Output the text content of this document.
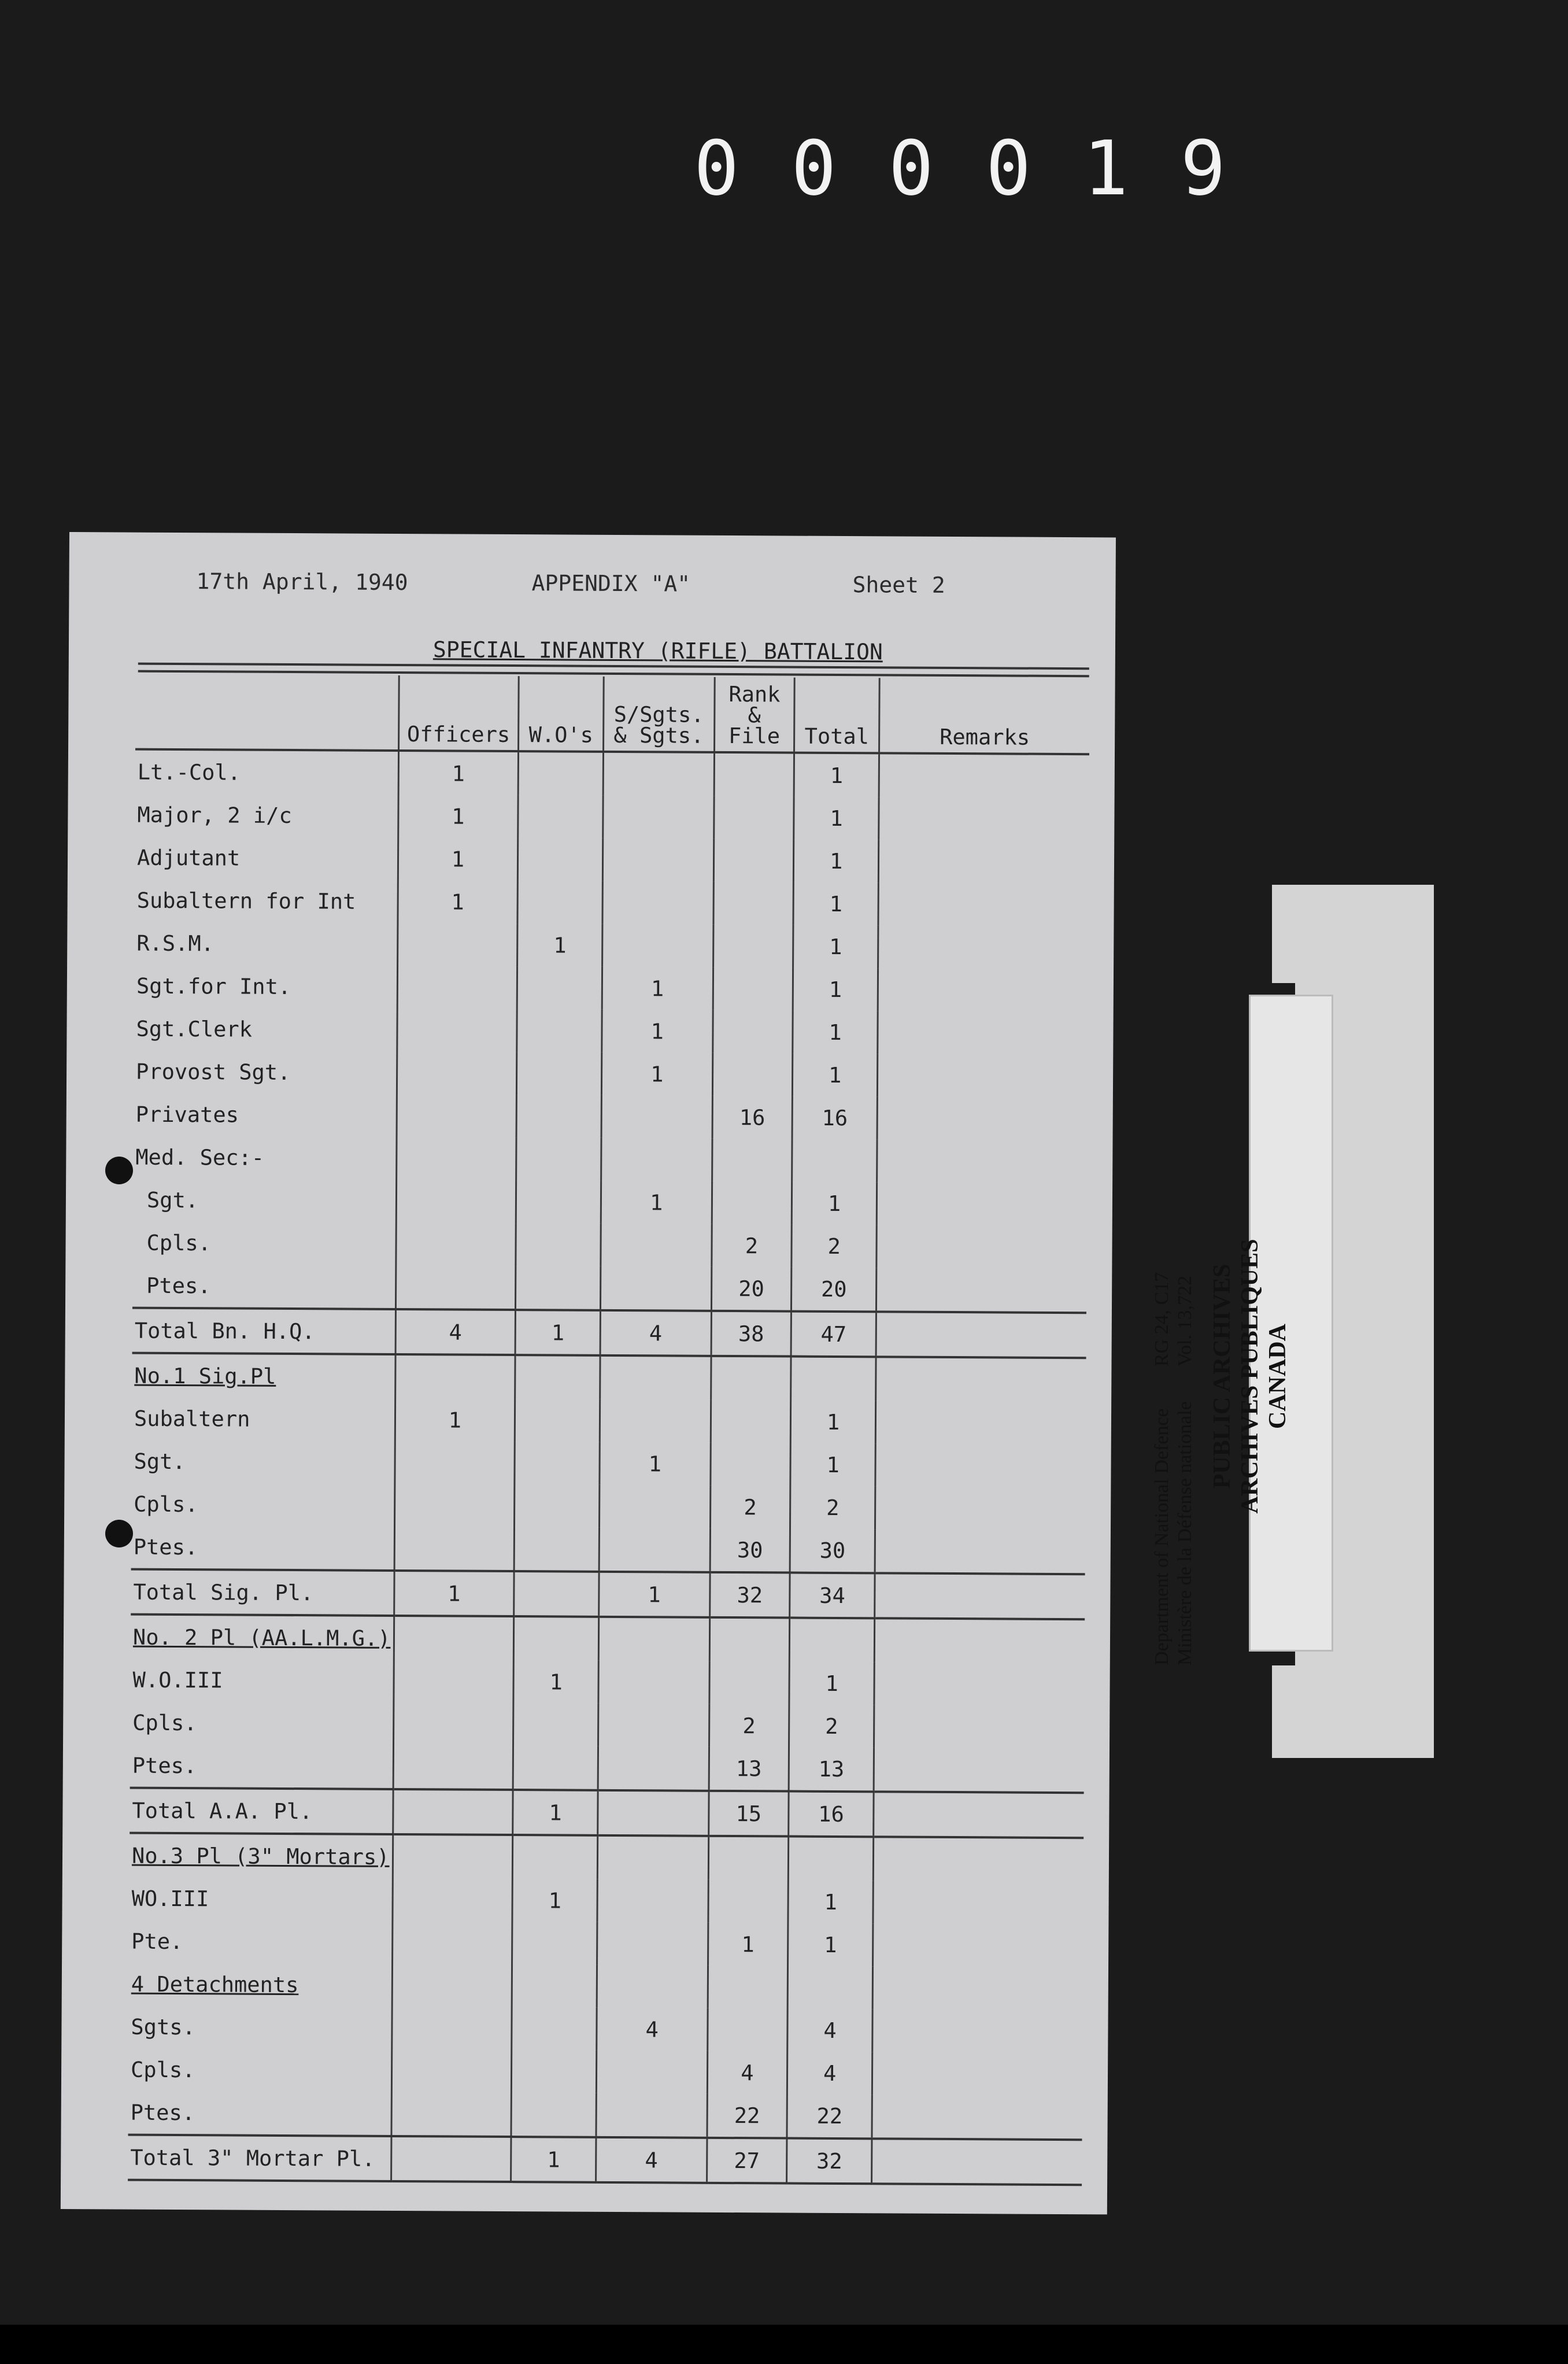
0 0 0 0 1 9
17th April, 1940	APPENDIX "A"	Sheet 2
SPECIAL INFANTRY (RIFLE) BATTALION
	Officers	W.O's	S/Sgts. & Sgts.	Rank & File	Total	Remarks
Lt.-Col.	1				1	
Major, 2 i/c	1				1	
Adjutant	1				1	
Subaltern for Int	1				1	
R.S.M.		1			1	
Sgt.for Int.			1		1	
Sgt.Clerk			1		1	
Provost Sgt.			1		1	
Privates				16	16	
Med. Sec:-						
Sgt.			1		1	
Cpls.				2	2	
Ptes.				20	20	
Total Bn. H.Q.	4	1	4	38	47	
No.1 Sig.Pl						
Subaltern	1				1	
Sgt.			1		1	
Cpls.				2	2	
Ptes.				30	30	
Total Sig. Pl.	1		1	32	34	
No. 2 Pl (AA.L.M.G.)						
W.O.III		1			1	
Cpls.				2	2	
Ptes.				13	13	
Total A.A. Pl.		1		15	16	
No.3 Pl (3" Mortars)						
WO.III		1			1	
Pte.				1	1	
4 Detachments						
Sgts.			4		4	
Cpls.				4	4	
Ptes.				22	22	
Total 3" Mortar Pl.		1	4	27	32	
Department of National Defence Ministère de la Défense nationale
RG 24, C17 Vol. 13,722 PUBLIC ARCHIVES ARCHIVES PUBLIQUES CANADA
